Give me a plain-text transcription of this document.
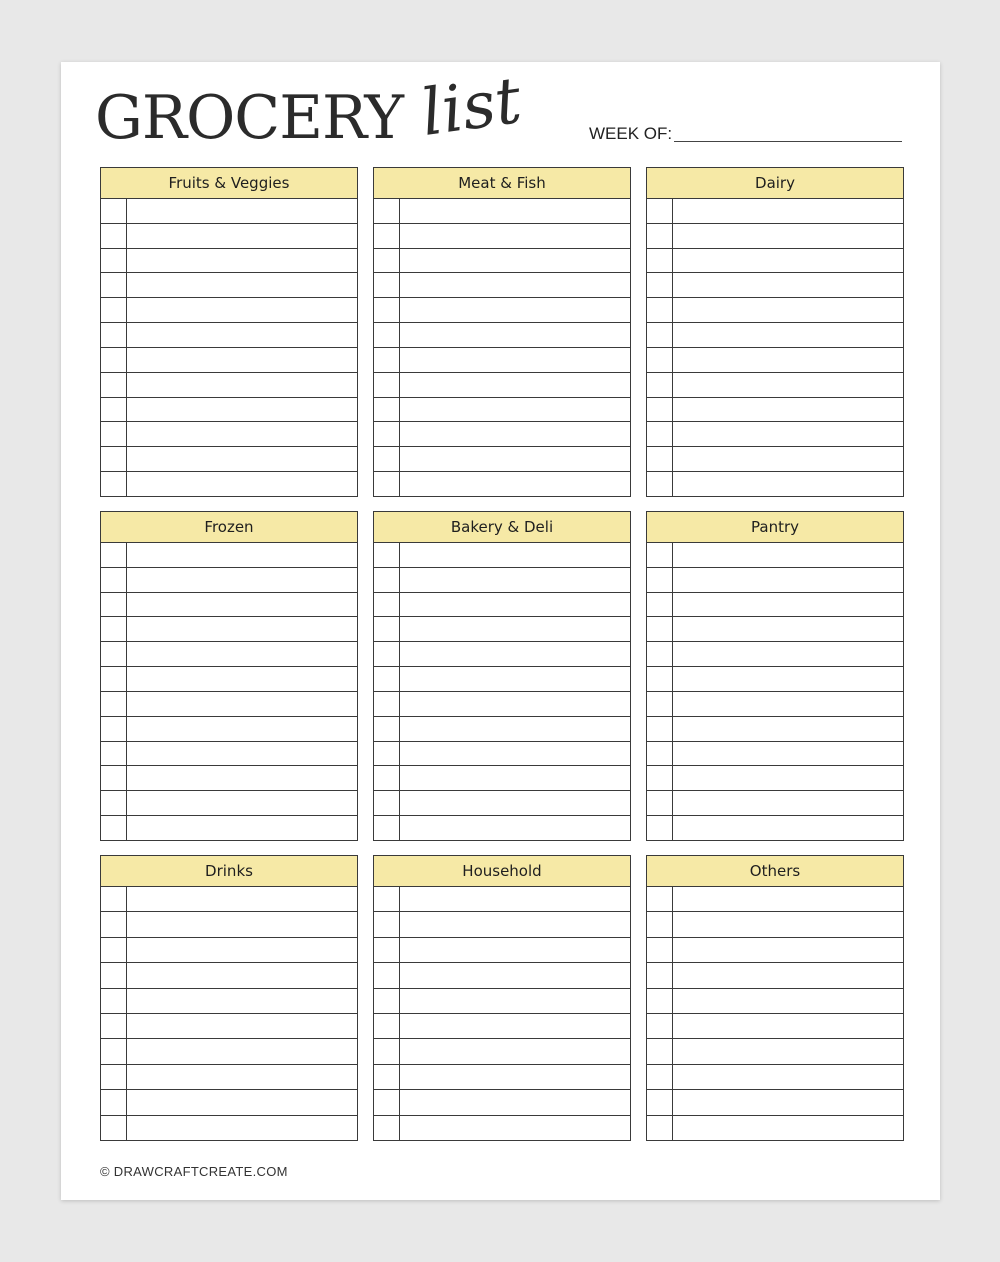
GROCERY list	WEEK OF:
Fruits & Veggies	Meat & Fish	Dairy
Frozen	Bakery & Deli	Pantry
Drinks	Household	Others
© DRAWCRAFTCREATE.COM
